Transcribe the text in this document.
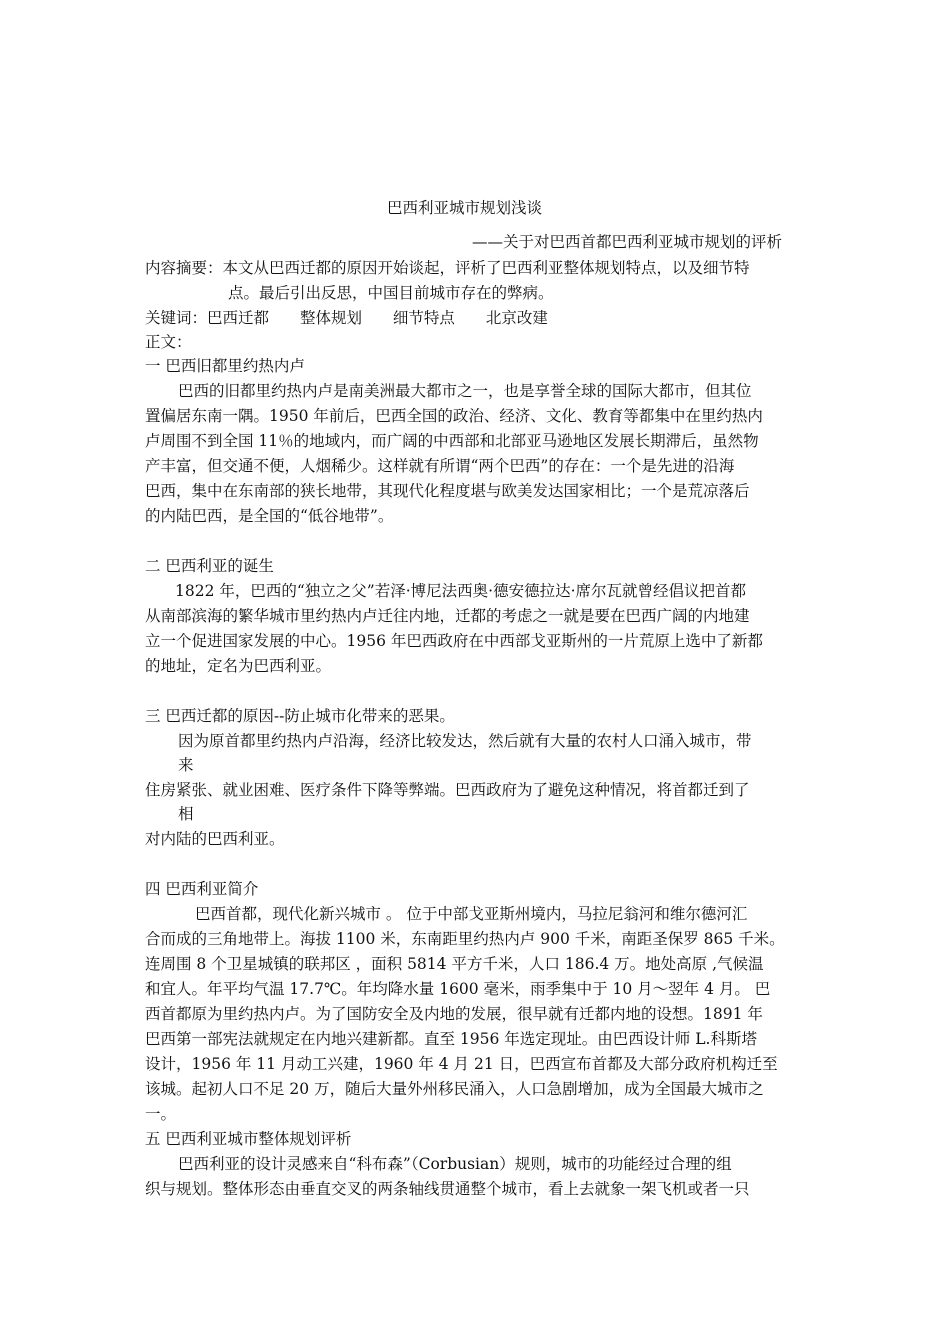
巴西利亚城市规划浅谈
——关于对巴西首都巴西利亚城市规划的评析
内容摘要：本文从巴西迁都的原因开始谈起，评析了巴西利亚整体规划特点，以及细节特
点。最后引出反思，中国目前城市存在的弊病。
关键词：巴西迁都 整体规划 细节特点 北京改建
正文：
一 巴西旧都里约热内卢
巴西的旧都里约热内卢是南美洲最大都市之一，也是享誉全球的国际大都市，但其位
置偏居东南一隅。1950 年前后，巴西全国的政治、经济、文化、教育等都集中在里约热内
卢周围不到全国 11％的地域内，而广阔的中西部和北部亚马逊地区发展长期滞后，虽然物
产丰富，但交通不便，人烟稀少。这样就有所谓“两个巴西”的存在：一个是先进的沿海
巴西，集中在东南部的狭长地带，其现代化程度堪与欧美发达国家相比；一个是荒凉落后
的内陆巴西，是全国的“低谷地带”。
二 巴西利亚的诞生
1822 年，巴西的“独立之父”若泽·博尼法西奥·德安德拉达·席尔瓦就曾经倡议把首都
从南部滨海的繁华城市里约热内卢迁往内地，迁都的考虑之一就是要在巴西广阔的内地建
立一个促进国家发展的中心。1956 年巴西政府在中西部戈亚斯州的一片荒原上选中了新都
的地址，定名为巴西利亚。
三 巴西迁都的原因--防止城市化带来的恶果。
因为原首都里约热内卢沿海，经济比较发达，然后就有大量的农村人口涌入城市，带
来
住房紧张、就业困难、医疗条件下降等弊端。巴西政府为了避免这种情况，将首都迁到了
相
对内陆的巴西利亚。
四 巴西利亚简介
巴西首都，现代化新兴城市 。 位于中部戈亚斯州境内，马拉尼翁河和维尔德河汇
合而成的三角地带上。海拔 1100 米，东南距里约热内卢 900 千米，南距圣保罗 865 千米。
连周围 8 个卫星城镇的联邦区 ，面积 5814 平方千米，人口 186.4 万。地处高原 ,气候温
和宜人。年平均气温 17.7℃。年均降水量 1600 毫米，雨季集中于 10 月～翌年 4 月。 巴
西首都原为里约热内卢。为了国防安全及内地的发展，很早就有迁都内地的设想。1891 年
巴西第一部宪法就规定在内地兴建新都。直至 1956 年选定现址。由巴西设计师 L.科斯塔
设计，1956 年 11 月动工兴建，1960 年 4 月 21 日，巴西宣布首都及大部分政府机构迁至
该城。起初人口不足 20 万，随后大量外州移民涌入，人口急剧增加，成为全国最大城市之
一。
五 巴西利亚城市整体规划评析
巴西利亚的设计灵感来自“科布森”（Corbusian）规则，城市的功能经过合理的组
织与规划。整体形态由垂直交叉的两条轴线贯通整个城市，看上去就象一架飞机或者一只
